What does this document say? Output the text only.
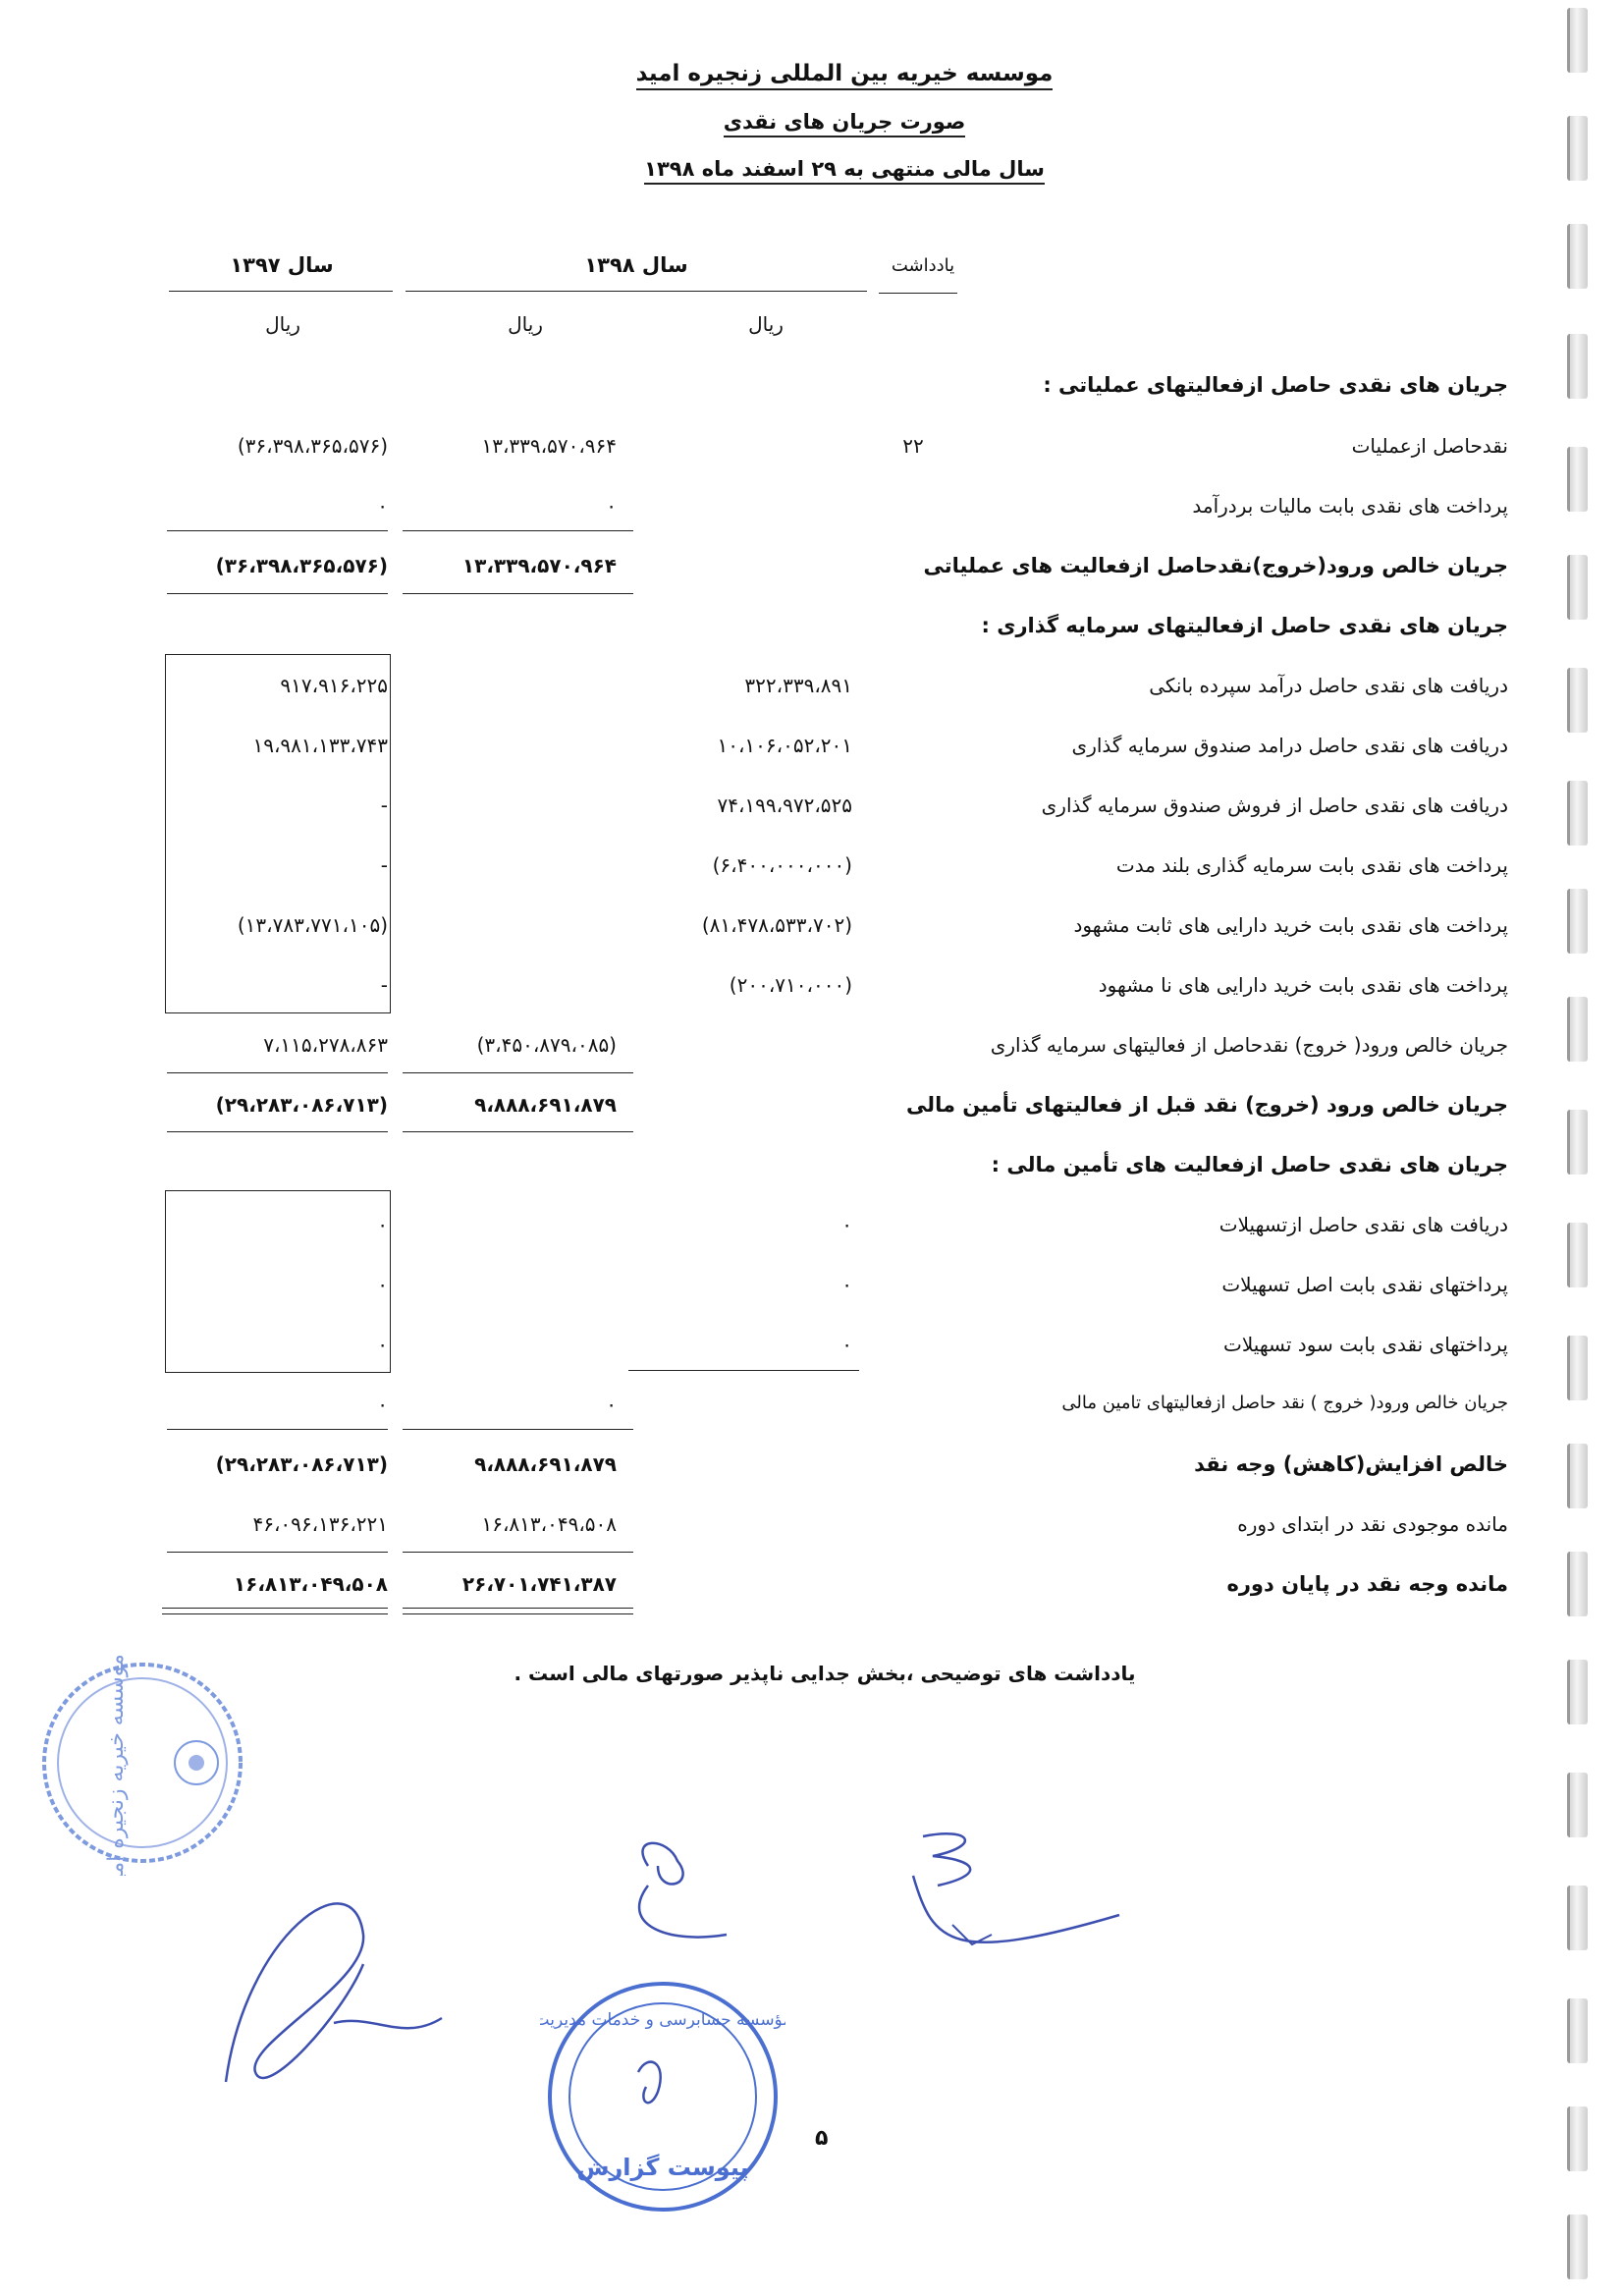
موسسه خیریه بین المللی زنجیره امید
صورت جریان های نقدی
سال مالی منتهی به ۲۹ اسفند ماه ۱۳۹۸
یادداشت
سال ۱۳۹۸
سال ۱۳۹۷
ریال
ریال
ریال
جریان های نقدی حاصل ازفعالیتهای عملیاتی :
نقدحاصل ازعملیات
پرداخت های نقدی بابت مالیات بردرآمد
جریان خالص ورود(خروج)نقدحاصل ازفعالیت های عملیاتی
جریان های نقدی حاصل ازفعالیتهای سرمایه گذاری :
دریافت های نقدی حاصل درآمد سپرده بانکی
دریافت های نقدی حاصل درامد صندوق سرمایه گذاری
دریافت های نقدی حاصل از فروش صندوق سرمایه گذاری
پرداخت های نقدی بابت سرمایه گذاری بلند مدت
پرداخت های نقدی بابت خرید دارایی های ثابت مشهود
پرداخت های نقدی بابت خرید دارایی های نا مشهود
جریان خالص ورود( خروج) نقدحاصل از فعالیتهای سرمایه گذاری
جریان خالص ورود (خروج) نقد قبل از فعالیتهای تأمین مالی
جریان های نقدی حاصل ازفعالیت های تأمین مالی :
دریافت های نقدی حاصل ازتسهیلات
پرداختهای نقدی بابت اصل تسهیلات
پرداختهای نقدی بابت سود تسهیلات
جریان خالص ورود( خروج ) نقد حاصل ازفعالیتهای تامین مالی
خالص افزایش(کاهش) وجه نقد
مانده موجودی نقد در ابتدای دوره
مانده وجه نقد در پایان دوره
۲۲
۳۲۲،۳۳۹،۸۹۱
۱۰،۱۰۶،۰۵۲،۲۰۱
۷۴،۱۹۹،۹۷۲،۵۲۵
(۶،۴۰۰،۰۰۰،۰۰۰)
(۸۱،۴۷۸،۵۳۳،۷۰۲)
(۲۰۰،۷۱۰،۰۰۰)
۰
۰
۰
۱۳،۳۳۹،۵۷۰،۹۶۴
۰
۱۳،۳۳۹،۵۷۰،۹۶۴
(۳،۴۵۰،۸۷۹،۰۸۵)
۹،۸۸۸،۶۹۱،۸۷۹
۰
۹،۸۸۸،۶۹۱،۸۷۹
۱۶،۸۱۳،۰۴۹،۵۰۸
۲۶،۷۰۱،۷۴۱،۳۸۷
(۳۶،۳۹۸،۳۶۵،۵۷۶)
۰
(۳۶،۳۹۸،۳۶۵،۵۷۶)
۹۱۷،۹۱۶،۲۲۵
۱۹،۹۸۱،۱۳۳،۷۴۳
-
-
(۱۳،۷۸۳،۷۷۱،۱۰۵)
-
۷،۱۱۵،۲۷۸،۸۶۳
(۲۹،۲۸۳،۰۸۶،۷۱۳)
۰
۰
۰
۰
(۲۹،۲۸۳،۰۸۶،۷۱۳)
۴۶،۰۹۶،۱۳۶،۲۲۱
۱۶،۸۱۳،۰۴۹،۵۰۸
یادداشت های توضیحی ،بخش جدایی ناپذیر صورتهای مالی است .
موسسه خیریه زنجیره امید
مؤسسه حسابرسی و خدمات مدیریت
پیوست گزارش
۵
